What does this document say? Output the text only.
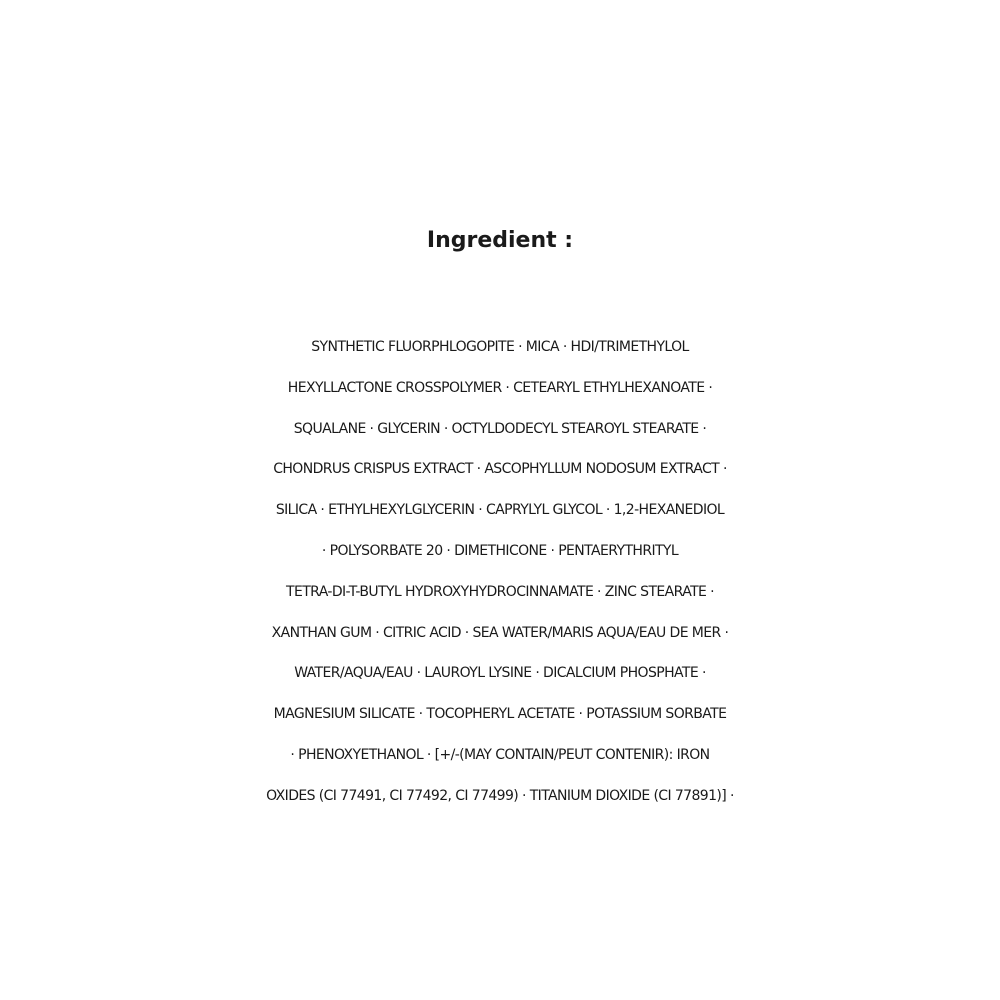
Ingredient :
SYNTHETIC FLUORPHLOGOPITE · MICA · HDI/TRIMETHYLOL
HEXYLLACTONE CROSSPOLYMER · CETEARYL ETHYLHEXANOATE ·
SQUALANE · GLYCERIN · OCTYLDODECYL STEAROYL STEARATE ·
CHONDRUS CRISPUS EXTRACT · ASCOPHYLLUM NODOSUM EXTRACT ·
SILICA · ETHYLHEXYLGLYCERIN · CAPRYLYL GLYCOL · 1,2-HEXANEDIOL
· POLYSORBATE 20 · DIMETHICONE · PENTAERYTHRITYL
TETRA-DI-T-BUTYL HYDROXYHYDROCINNAMATE · ZINC STEARATE ·
XANTHAN GUM · CITRIC ACID · SEA WATER/MARIS AQUA/EAU DE MER ·
WATER/AQUA/EAU · LAUROYL LYSINE · DICALCIUM PHOSPHATE ·
MAGNESIUM SILICATE · TOCOPHERYL ACETATE · POTASSIUM SORBATE
· PHENOXYETHANOL · [+/-(MAY CONTAIN/PEUT CONTENIR): IRON
OXIDES (CI 77491, CI 77492, CI 77499) · TITANIUM DIOXIDE (CI 77891)] ·
